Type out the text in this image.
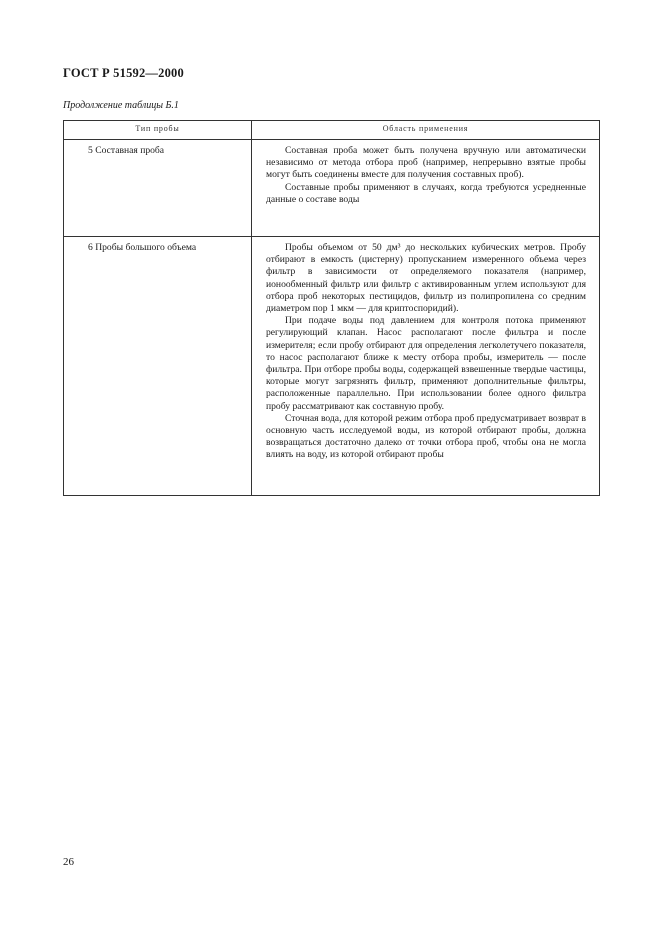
ГОСТ Р 51592—2000
Продолжение таблицы Б.1
Тип пробы	Область применения
5 Составная проба	Составная проба может быть получена вручную или автоматически независимо от метода отбора проб (например, непрерывно взятые пробы могут быть соединены вместе для получения составных проб).

Составные пробы применяют в случаях, когда требуются усредненные данные о составе воды

6 Пробы большого объема	Пробы объемом от 50 дм³ до нескольких кубических метров. Пробу отбирают в емкость (цистерну) пропусканием измеренного объема через фильтр в зависимости от определяемого показателя (например, ионообменный фильтр или фильтр с активированным углем используют для отбора проб некоторых пестицидов, фильтр из полипропилена со средним диаметром пор 1 мкм — для криптоспоридий).

При подаче воды под давлением для контроля потока применяют регулирующий клапан. Насос располагают после фильтра и после измерителя; если пробу отбирают для определения легколетучего показателя, то насос располагают ближе к месту отбора пробы, измеритель — после фильтра. При отборе пробы воды, содержащей взвешенные твердые частицы, которые могут загрязнять фильтр, применяют дополнительные фильтры, расположенные параллельно. При использовании более одного фильтра пробу рассматривают как составную пробу.

Сточная вода, для которой режим отбора проб предусматривает возврат в основную часть исследуемой воды, из которой отбирают пробы, должна возвращаться достаточно далеко от точки отбора проб, чтобы она не могла влиять на воду, из которой отбирают пробы

26
